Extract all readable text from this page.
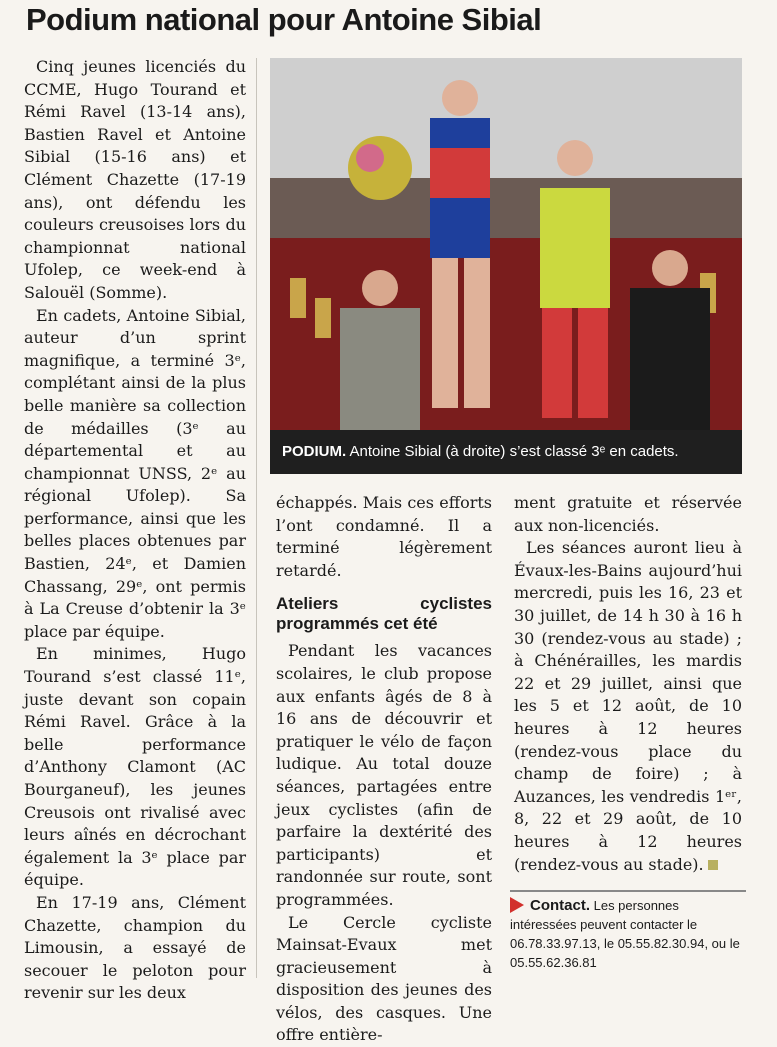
Podium national pour Antoine Sibial

Cinq jeunes licenciés du CCME, Hugo Tourand et Rémi Ravel (13-14 ans), Bastien Ravel et Antoine Sibial (15-16 ans) et Clément Chazette (17-19 ans), ont défendu les couleurs creusoises lors du championnat national Ufolep, ce week-end à Salouël (Somme).

En cadets, Antoine Sibial, auteur d’un sprint magnifique, a terminé 3ᵉ, complétant ainsi de la plus belle manière sa collection de médailles (3ᵉ au départemental et au championnat UNSS, 2ᵉ au régional Ufolep). Sa performance, ainsi que les belles places obtenues par Bastien, 24ᵉ, et Damien Chassang, 29ᵉ, ont permis à La Creuse d’obtenir la 3ᵉ place par équipe.

En minimes, Hugo Tourand s’est classé 11ᵉ, juste devant son copain Rémi Ravel. Grâce à la belle performance d’Anthony Clamont (AC Bourganeuf), les jeunes Creusois ont rivalisé avec leurs aînés en décrochant également la 3ᵉ place par équipe.

En 17-19 ans, Clément Chazette, champion du Limousin, a essayé de secouer le peloton pour revenir sur les deux

PODIUM. Antoine Sibial (à droite) s’est classé 3ᵉ en cadets.

échappés. Mais ces efforts l’ont condamné. Il a terminé légèrement retardé.

Ateliers cyclistes programmés cet été

Pendant les vacances scolaires, le club propose aux enfants âgés de 8 à 16 ans de découvrir et pratiquer le vélo de façon ludique. Au total douze séances, partagées entre jeux cyclistes (afin de parfaire la dextérité des participants) et randonnée sur route, sont programmées.

Le Cercle cycliste Mainsat-Evaux met gracieusement à disposition des jeunes des vélos, des casques. Une offre entière-

ment gratuite et réservée aux non-licenciés.

Les séances auront lieu à Évaux-les-Bains aujourd’hui mercredi, puis les 16, 23 et 30 juillet, de 14 h 30 à 16 h 30 (rendez-vous au stade) ; à Chénérailles, les mardis 22 et 29 juillet, ainsi que les 5 et 12 août, de 10 heures à 12 heures (rendez-vous place du champ de foire) ; à Auzances, les vendredis 1ᵉʳ, 8, 22 et 29 août, de 10 heures à 12 heures (rendez-vous au stade).

Contact. Les personnes intéressées peuvent contacter le 06.78.33.97.13, le 05.55.82.30.94, ou le 05.55.62.36.81
